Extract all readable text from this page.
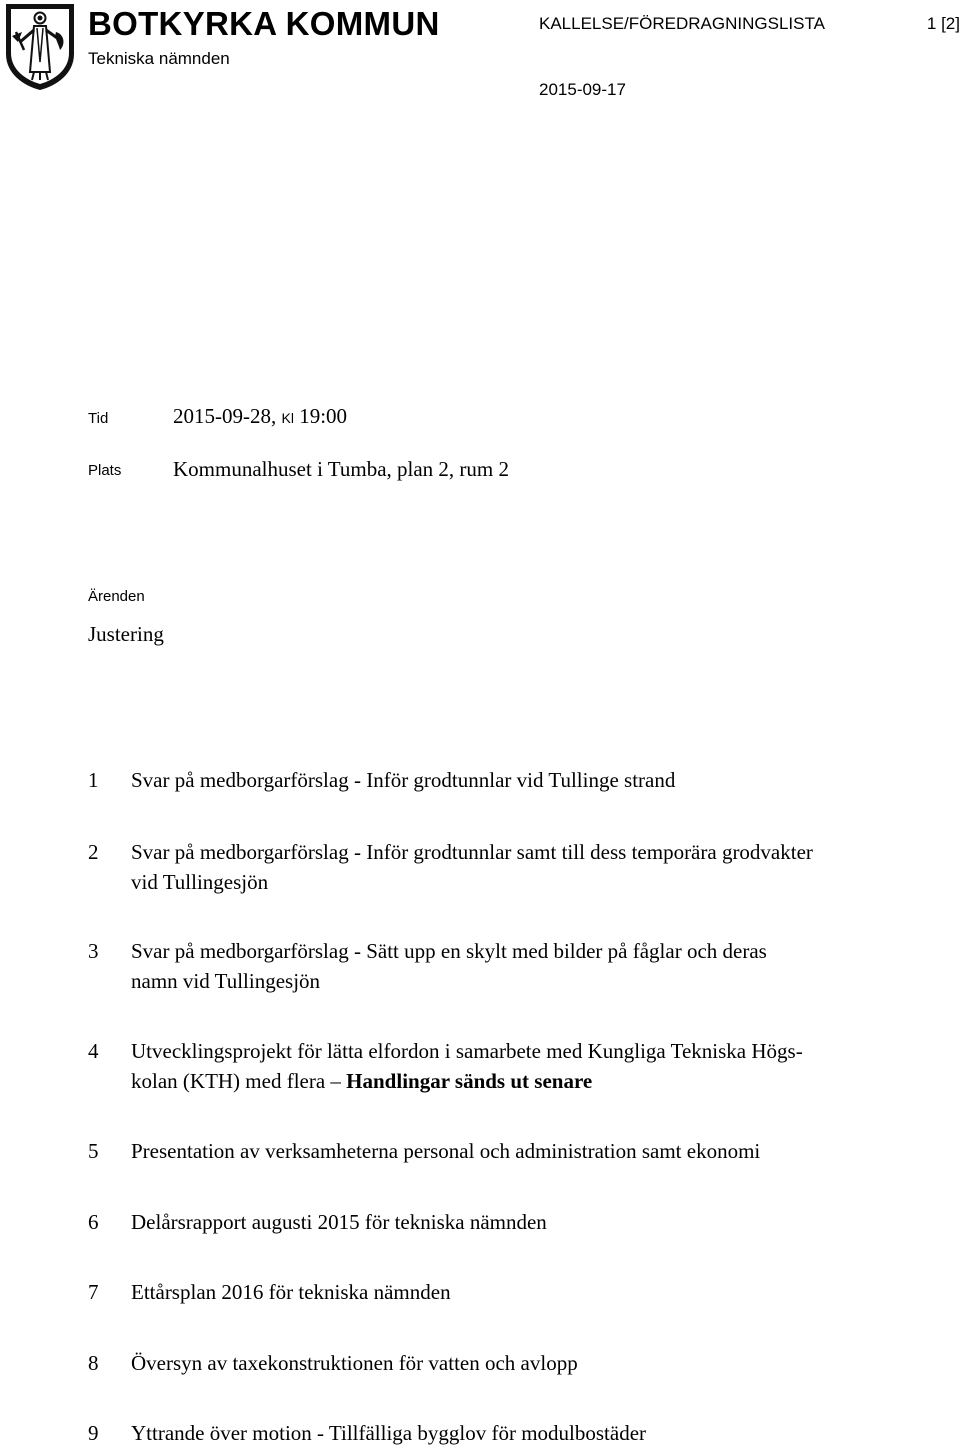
BOTKYRKA KOMMUN
Tekniska nämnden
KALLELSE/FÖREDRAGNINGSLISTA	1 [2]
2015-09-17
Tid	2015-09-28, Kl 19:00
Plats Kommunalhuset i Tumba, plan 2, rum 2
Ärenden
Justering
1	Svar på medborgarförslag - Inför grodtunnlar vid Tullinge strand
2	Svar på medborgarförslag - Inför grodtunnlar samt till dess temporära grodvakter
vid Tullingesjön
3	Svar på medborgarförslag - Sätt upp en skylt med bilder på fåglar och deras
namn vid Tullingesjön
4	Utvecklingsprojekt för lätta elfordon i samarbete med Kungliga Tekniska Högs-
kolan (KTH) med flera – Handlingar sänds ut senare
5	Presentation av verksamheterna personal och administration samt ekonomi
6	Delårsrapport augusti 2015 för tekniska nämnden
7	Ettårsplan 2016 för tekniska nämnden
8	Översyn av taxekonstruktionen för vatten och avlopp
9	Yttrande över motion - Tillfälliga bygglov för modulbostäder
